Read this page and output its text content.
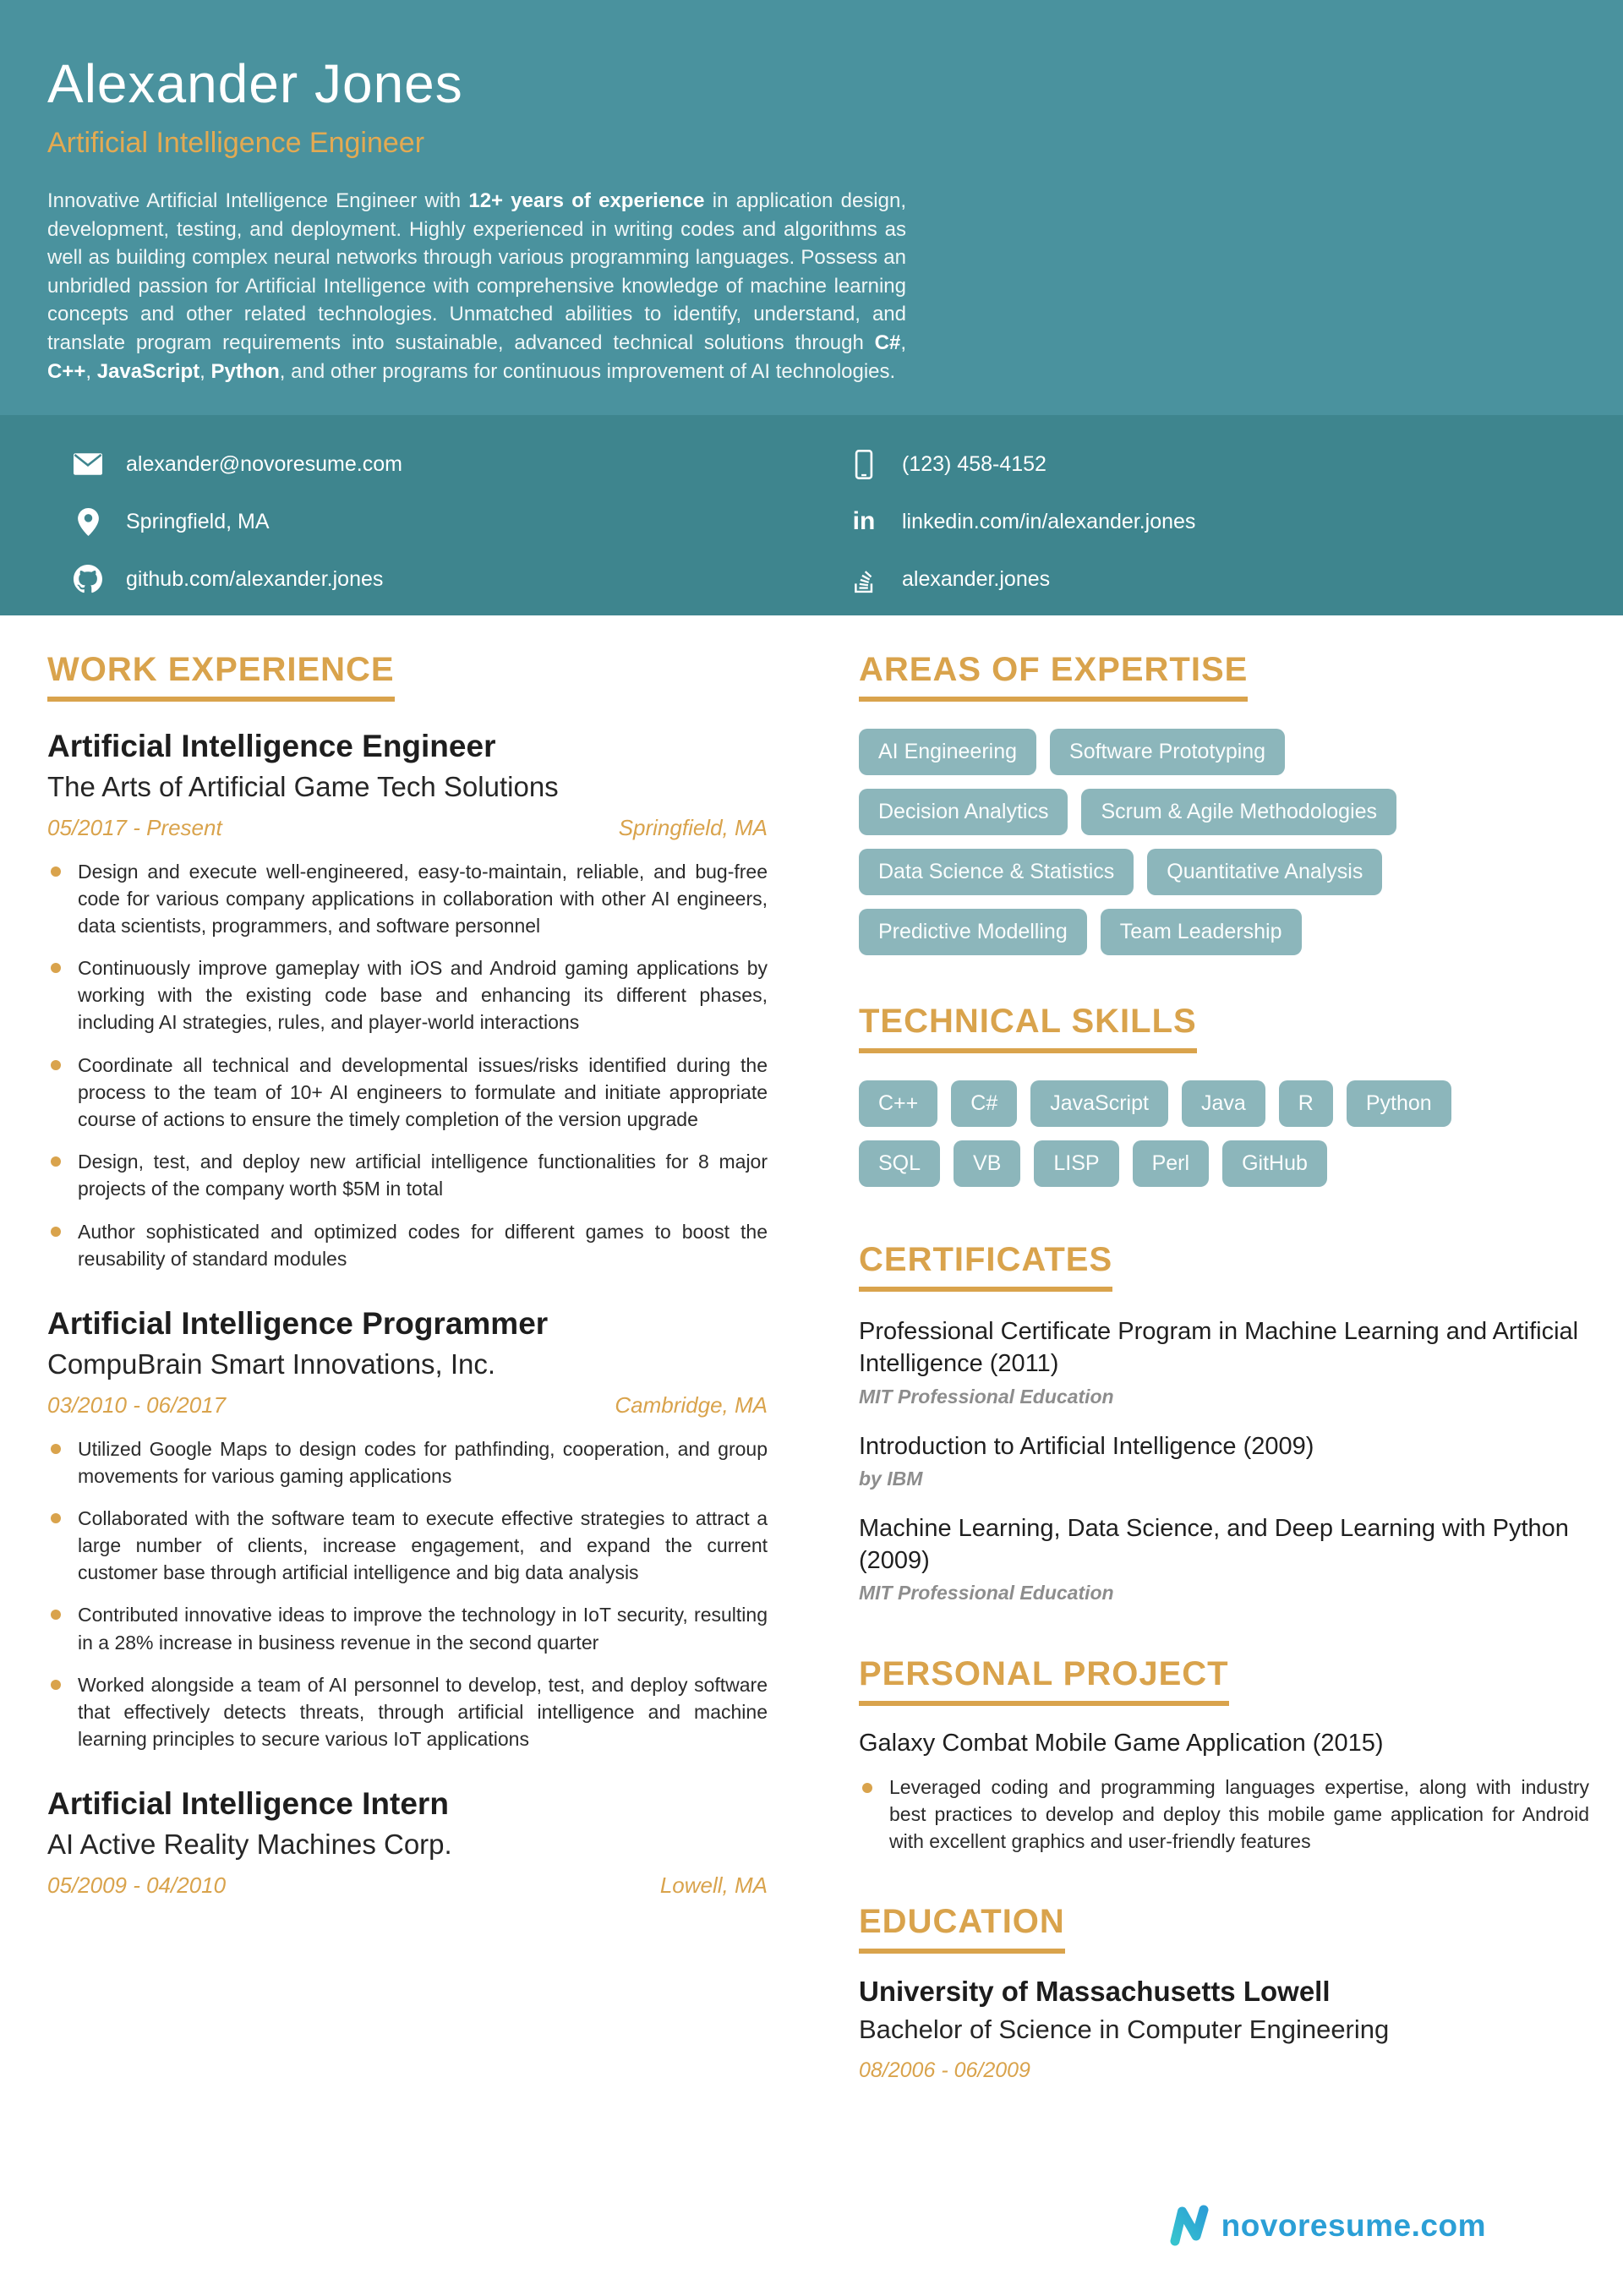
Alexander Jones
Artificial Intelligence Engineer

Innovative Artificial Intelligence Engineer with 12+ years of experience in application design, development, testing, and deployment. Highly experienced in writing codes and algorithms as well as building complex neural networks through various programming languages. Possess an unbridled passion for Artificial Intelligence with comprehensive knowledge of machine learning concepts and other related technologies. Unmatched abilities to identify, understand, and translate program requirements into sustainable, advanced technical solutions through C#, C++, JavaScript, Python, and other programs for continuous improvement of AI technologies.

alexander@novoresume.com
Springfield, MA
github.com/alexander.jones
(123) 458-4152
in linkedin.com/in/alexander.jones
alexander.jones
WORK EXPERIENCE
Artificial Intelligence Engineer
The Arts of Artificial Game Tech Solutions
05/2017 - Present	Springfield, MA
Design and execute well-engineered, easy-to-maintain, reliable, and bug-free code for various company applications in collaboration with other AI engineers, data scientists, programmers, and software personnel
Continuously improve gameplay with iOS and Android gaming applications by working with the existing code base and enhancing its different phases, including AI strategies, rules, and player-world interactions
Coordinate all technical and developmental issues/risks identified during the process to the team of 10+ AI engineers to formulate and initiate appropriate course of actions to ensure the timely completion of the version upgrade
Design, test, and deploy new artificial intelligence functionalities for 8 major projects of the company worth $5M in total
Author sophisticated and optimized codes for different games to boost the reusability of standard modules
Artificial Intelligence Programmer
CompuBrain Smart Innovations, Inc.
03/2010 - 06/2017	Cambridge, MA
Utilized Google Maps to design codes for pathfinding, cooperation, and group movements for various gaming applications
Collaborated with the software team to execute effective strategies to attract a large number of clients, increase engagement, and expand the current customer base through artificial intelligence and big data analysis
Contributed innovative ideas to improve the technology in IoT security, resulting in a 28% increase in business revenue in the second quarter
Worked alongside a team of AI personnel to develop, test, and deploy software that effectively detects threats, through artificial intelligence and machine learning principles to secure various IoT applications
Artificial Intelligence Intern
AI Active Reality Machines Corp.
05/2009 - 04/2010	Lowell, MA
AREAS OF EXPERTISE
AI Engineering	Software Prototyping
Decision Analytics	Scrum & Agile Methodologies
Data Science & Statistics	Quantitative Analysis
Predictive Modelling	Team Leadership
TECHNICAL SKILLS
C++	C#	JavaScript	Java	R	Python
SQL	VB	LISP	Perl	GitHub
CERTIFICATES
Professional Certificate Program in Machine Learning and Artificial Intelligence (2011)
MIT Professional Education
Introduction to Artificial Intelligence (2009)
by IBM
Machine Learning, Data Science, and Deep Learning with Python (2009)
MIT Professional Education
PERSONAL PROJECT
Galaxy Combat Mobile Game Application (2015)
Leveraged coding and programming languages expertise, along with industry best practices to develop and deploy this mobile game application for Android with excellent graphics and user-friendly features
EDUCATION
University of Massachusetts Lowell
Bachelor of Science in Computer Engineering
08/2006 - 06/2009
novoresume.com
